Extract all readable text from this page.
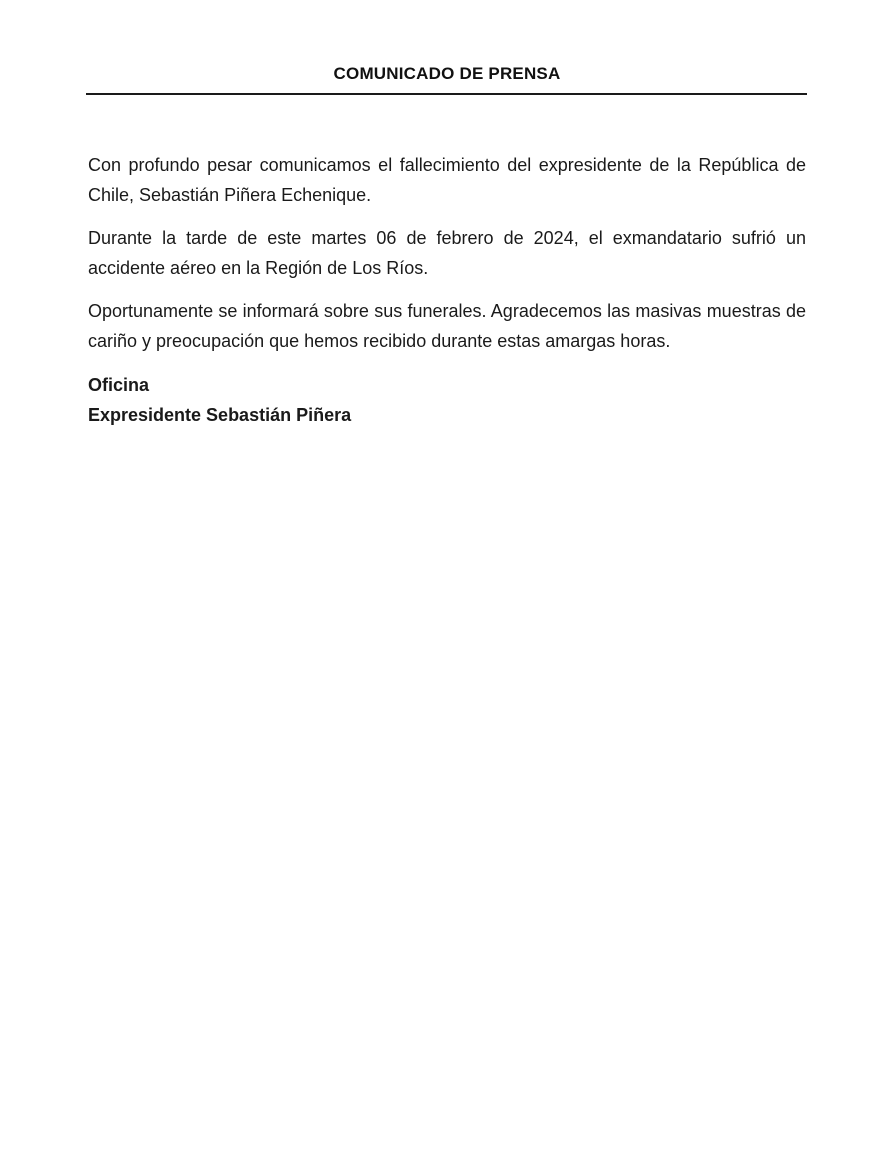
COMUNICADO DE PRENSA

Con profundo pesar comunicamos el fallecimiento del expresidente de la República de Chile, Sebastián Piñera Echenique.

Durante la tarde de este martes 06 de febrero de 2024, el exmandatario sufrió un accidente aéreo en la Región de Los Ríos.

Oportunamente se informará sobre sus funerales. Agradecemos las masivas muestras de cariño y preocupación que hemos recibido durante estas amargas horas.

Oficina
Expresidente Sebastián Piñera
